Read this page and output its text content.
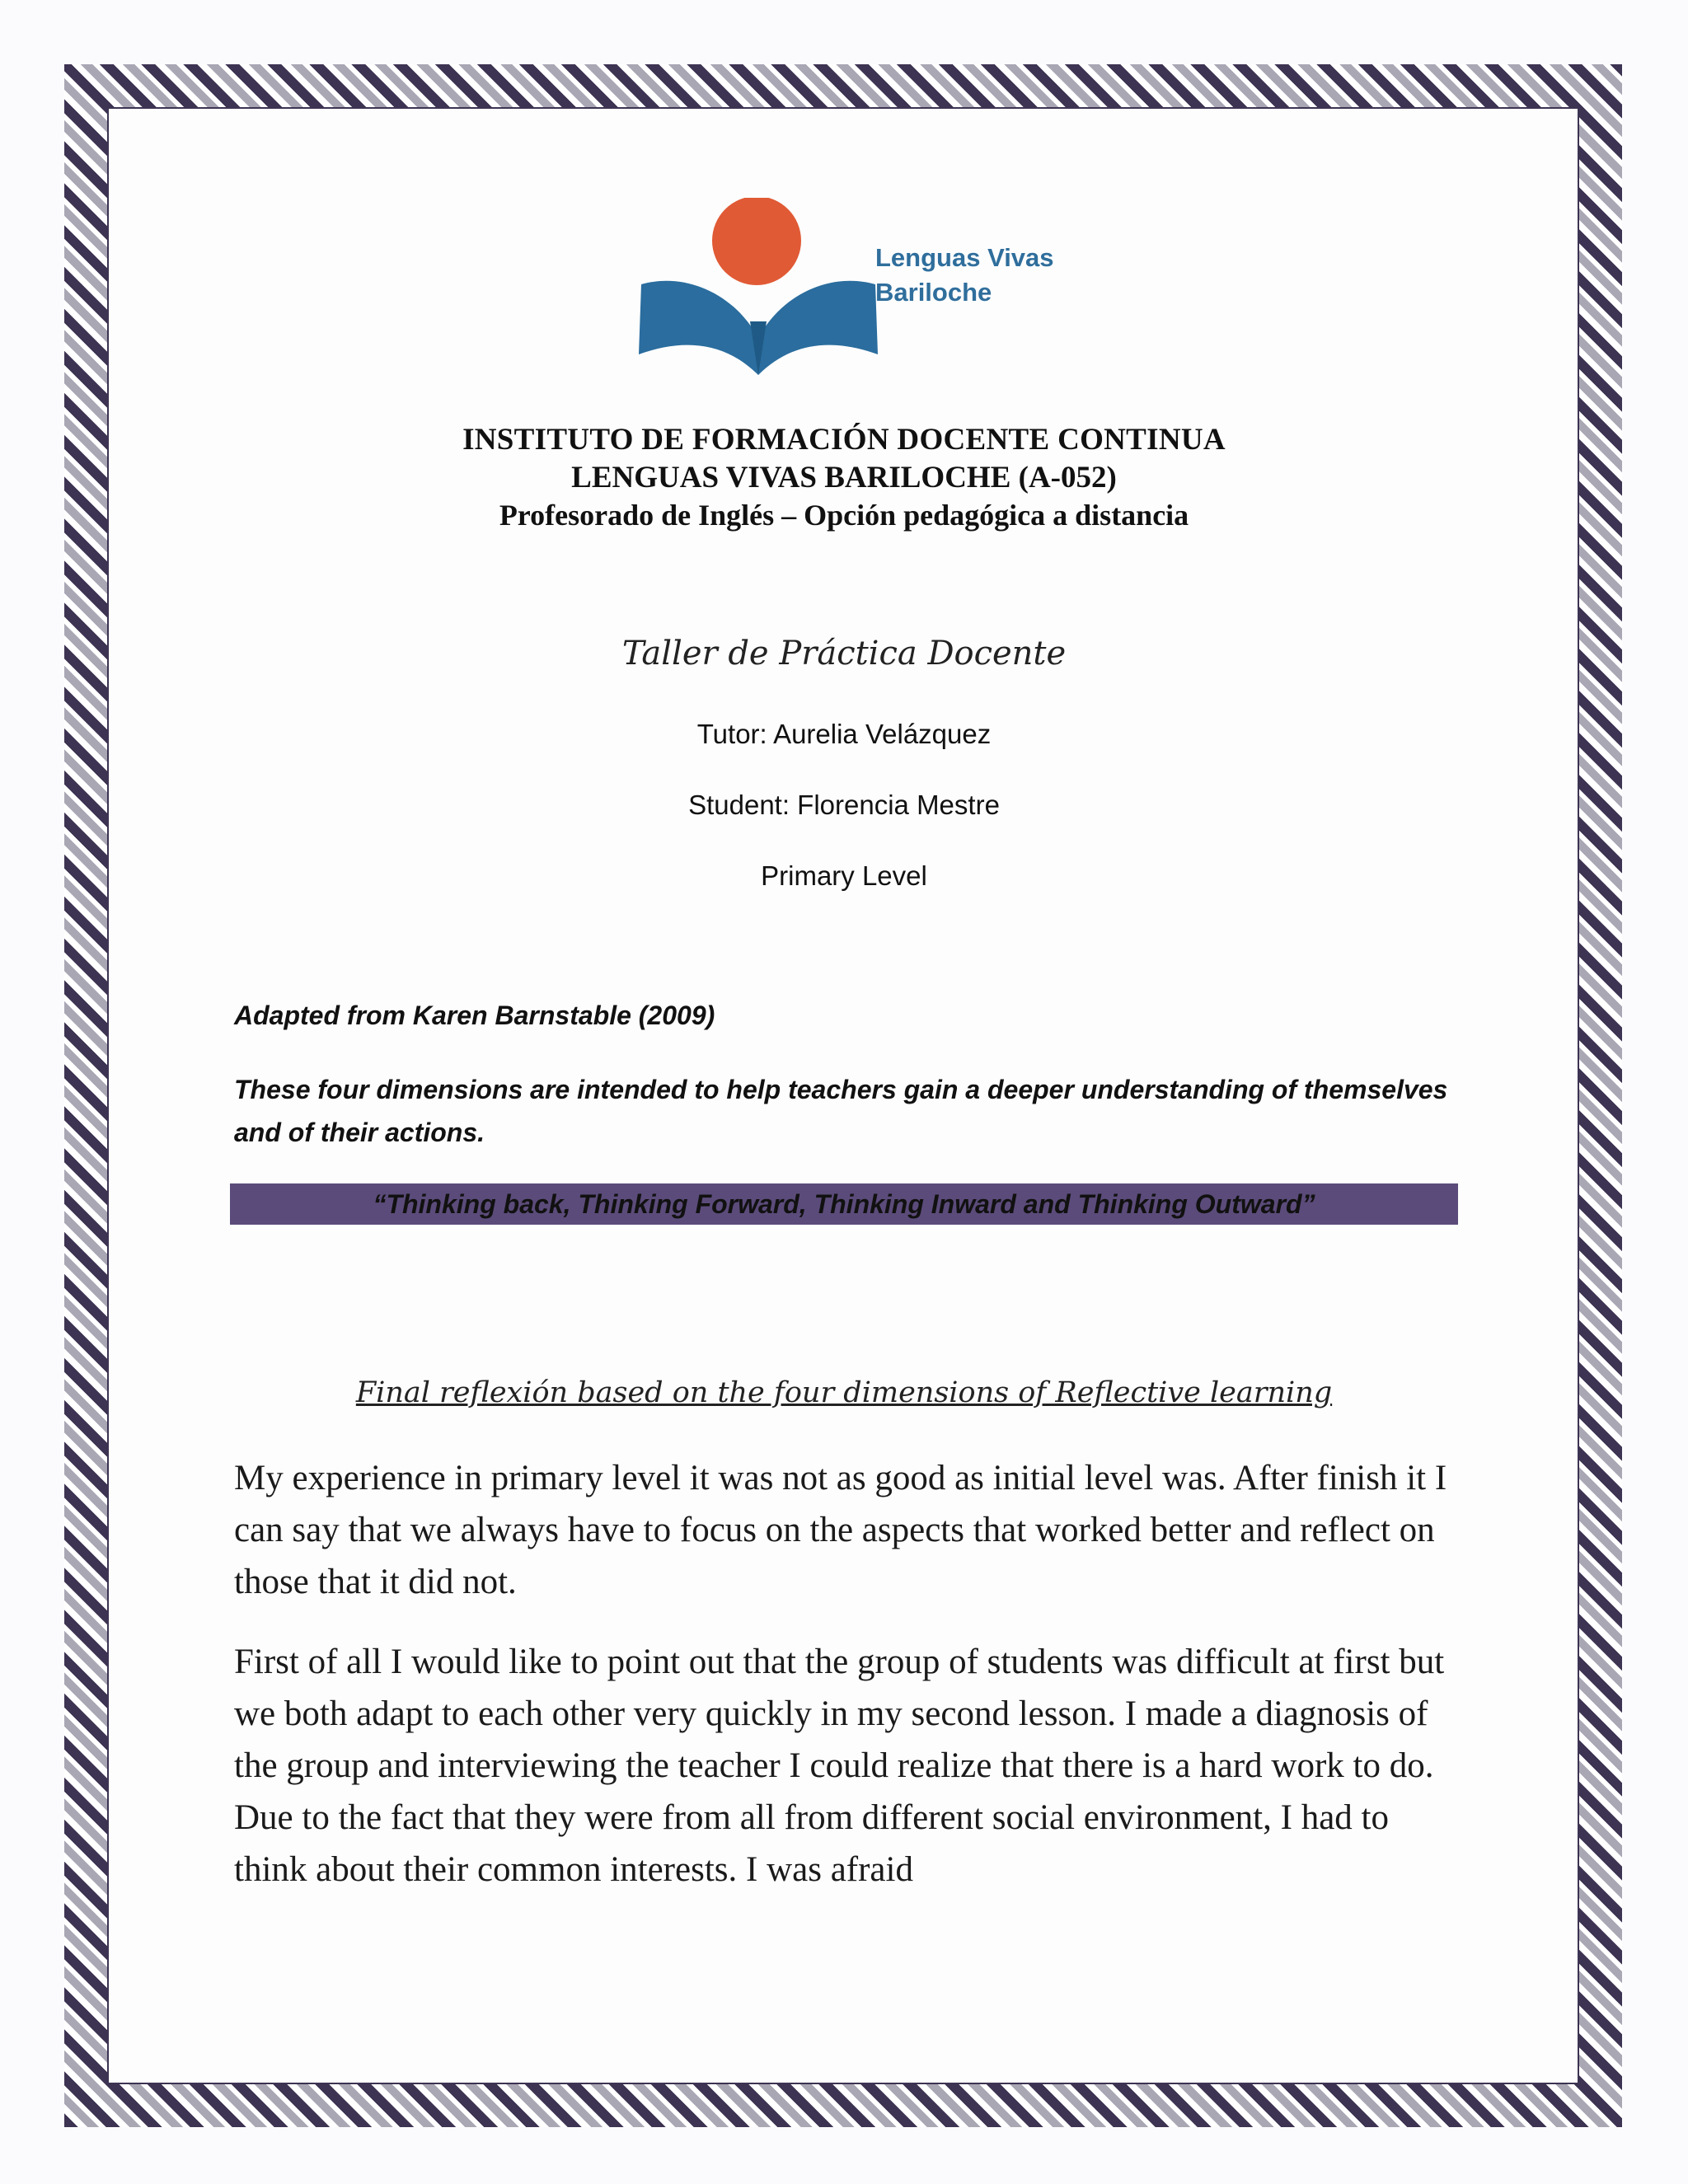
Lenguas Vivas
Bariloche
INSTITUTO DE FORMACIÓN DOCENTE CONTINUA
LENGUAS VIVAS BARILOCHE (A-052)
Profesorado de Inglés – Opción pedagógica a distancia
Taller de Práctica Docente
Tutor: Aurelia Velázquez
Student: Florencia Mestre
Primary Level
Adapted from Karen Barnstable (2009)
These four dimensions are intended to help teachers gain a deeper understanding of themselves and of their actions.
“Thinking back, Thinking Forward, Thinking Inward and Thinking Outward”
Final reflexión based on the four dimensions of Reflective learning
My experience in primary level it was not as good as initial level was. After finish it I can say that we always have to focus on the aspects that worked better and reflect on those that it did not.
First of all I would like to point out that the group of students was difficult at first but we both adapt to each other very quickly in my second lesson. I made a diagnosis of the group and interviewing the teacher I could realize that there is a hard work to do. Due to the fact that they were from all from different social environment, I had to think about their common interests. I was afraid
